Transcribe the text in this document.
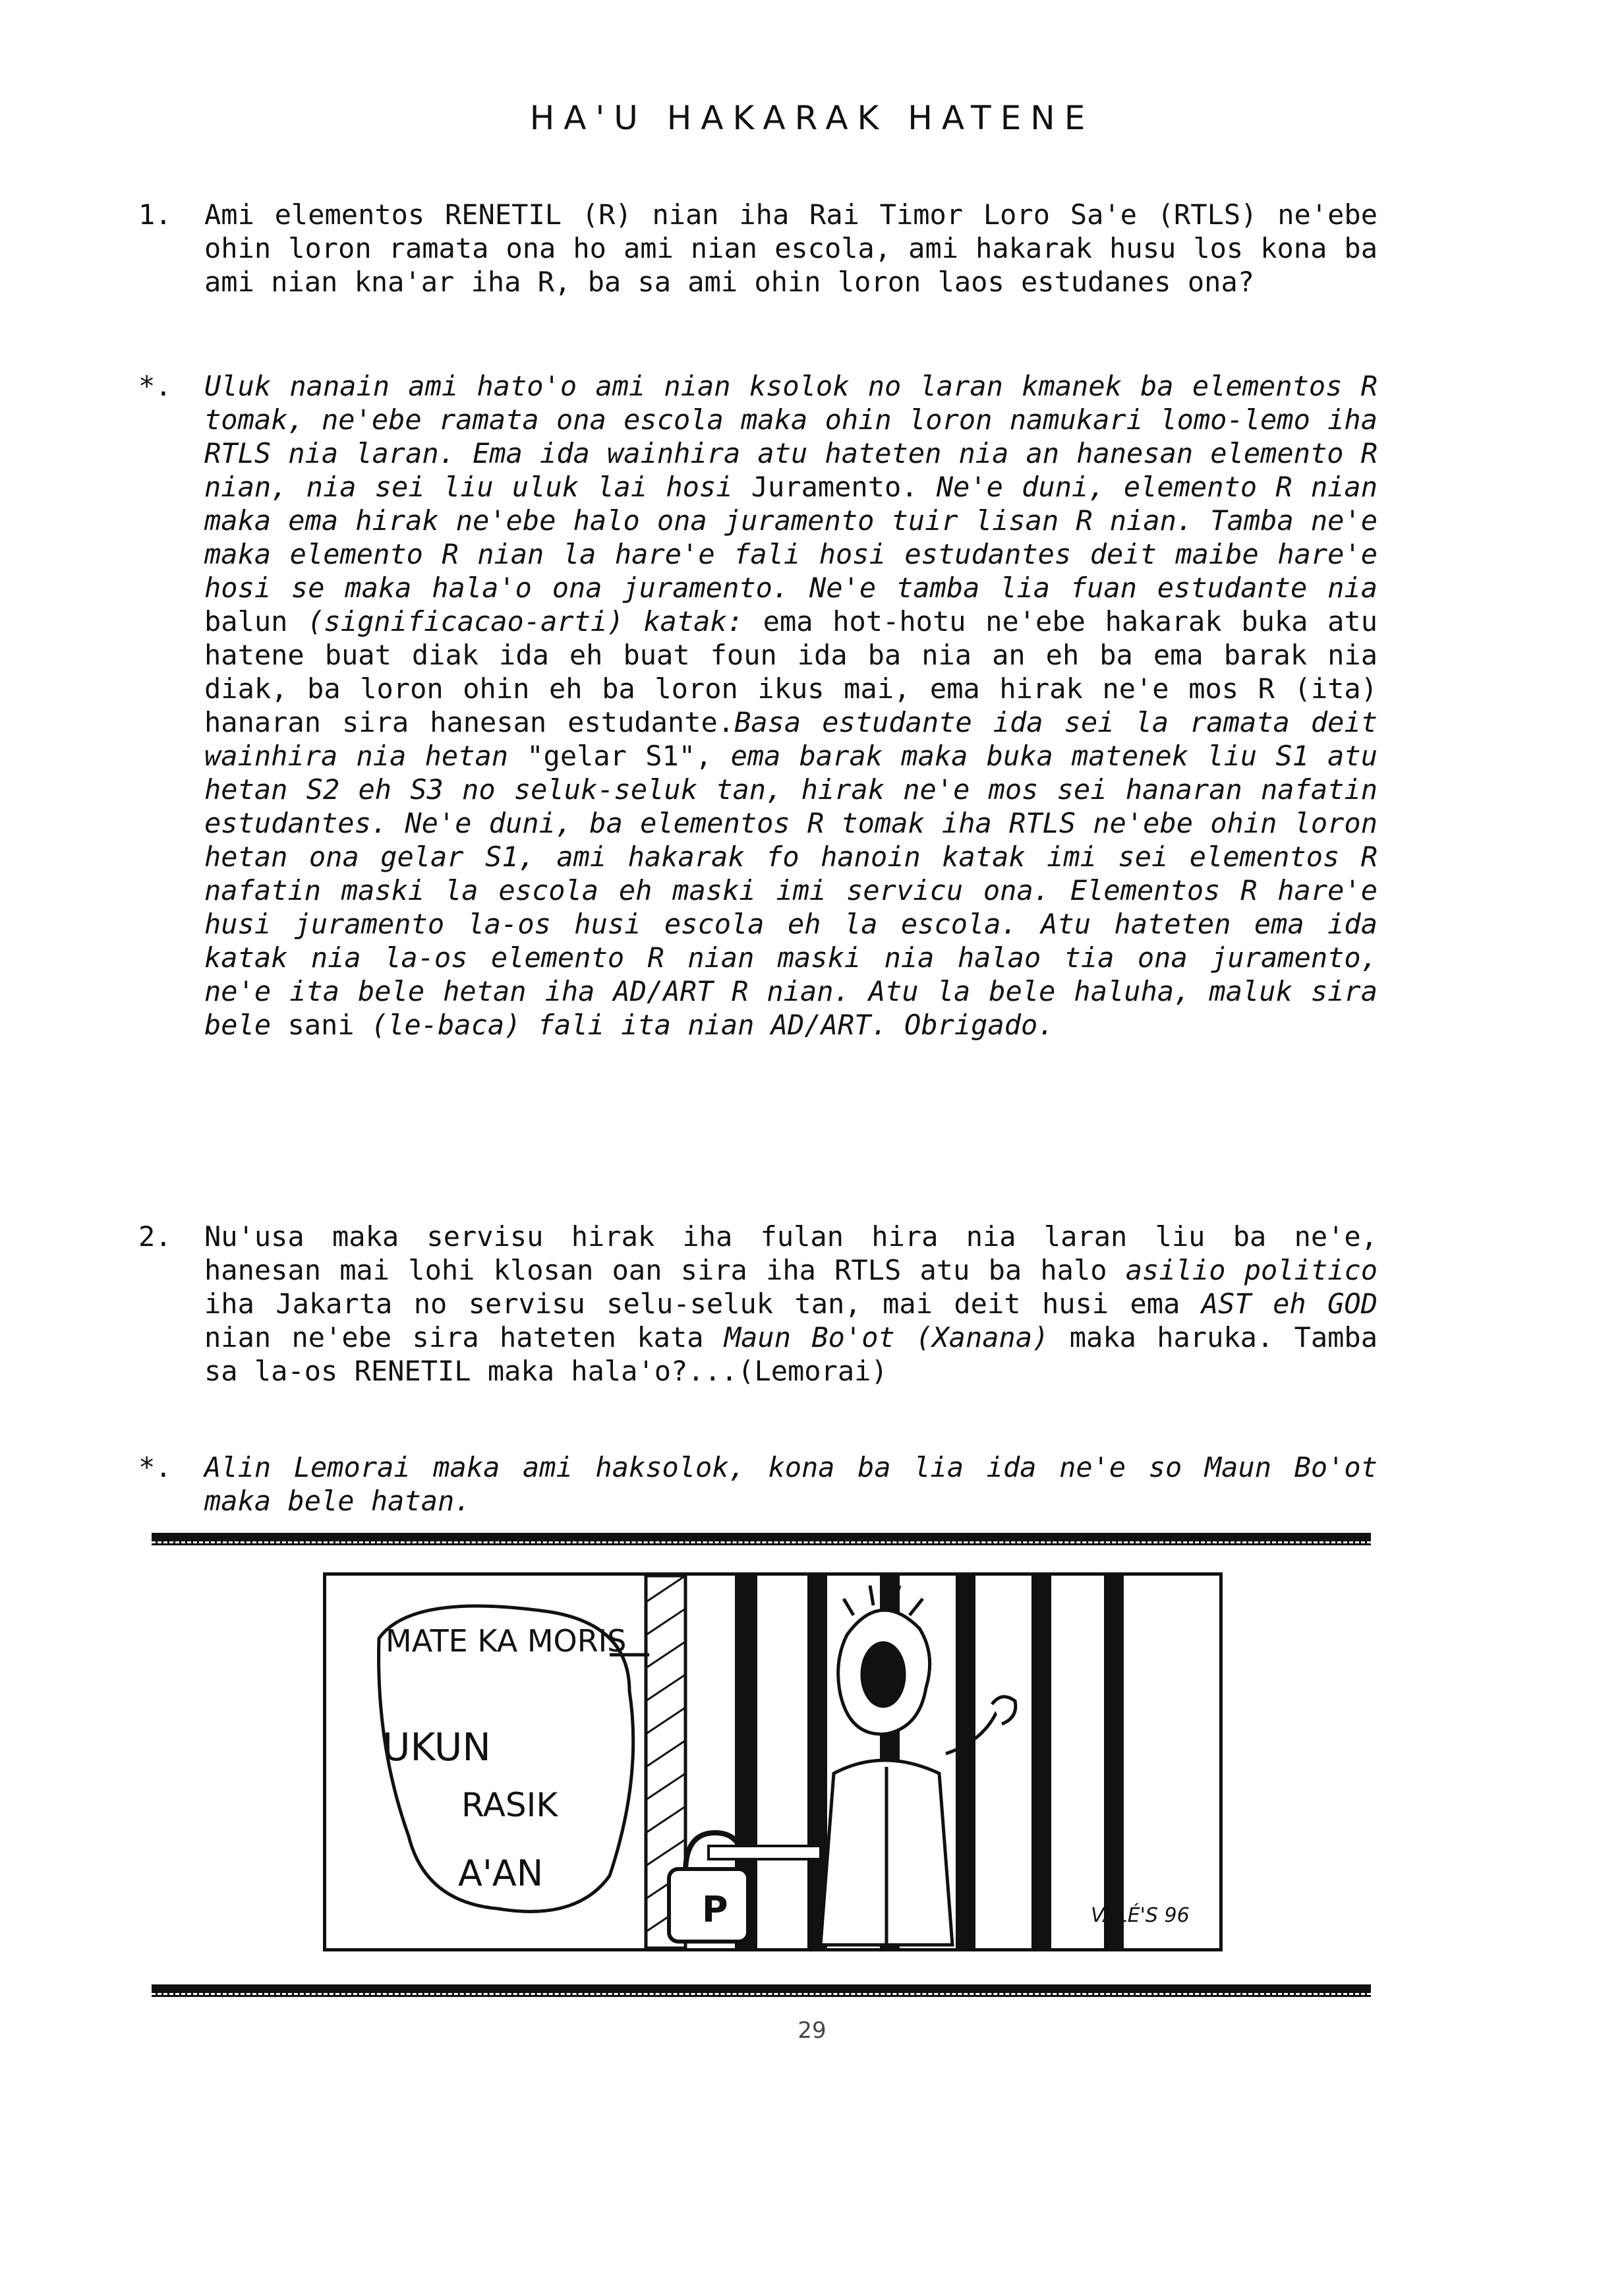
HA'U HAKARAK HATENE
1.	Ami elementos RENETIL (R) nian iha Rai Timor Loro Sa'e (RTLS) ne'ebe ohin loron ramata ona ho ami nian escola, ami hakarak husu los kona ba ami nian kna'ar iha R, ba sa ami ohin loron laos estudanes ona?
*.	Uluk nanain ami hato'o ami nian ksolok no laran kmanek ba elementos R tomak, ne'ebe ramata ona escola maka ohin loron namukari lomo-lemo iha RTLS nia laran. Ema ida wainhira atu hateten nia an hanesan elemento R nian, nia sei liu uluk lai hosi Juramento. Ne'e duni, elemento R nian maka ema hirak ne'ebe halo ona juramento tuir lisan R nian. Tamba ne'e maka elemento R nian la hare'e fali hosi estudantes deit maibe hare'e hosi se maka hala'o ona juramento. Ne'e tamba lia fuan estudante nia balun (significacao-arti) katak: ema hot-hotu ne'ebe hakarak buka atu hatene buat diak ida eh buat foun ida ba nia an eh ba ema barak nia diak, ba loron ohin eh ba loron ikus mai, ema hirak ne'e mos R (ita) hanaran sira hanesan estudante.Basa estudante ida sei la ramata deit wainhira nia hetan "gelar S1", ema barak maka buka matenek liu S1 atu hetan S2 eh S3 no seluk-seluk tan, hirak ne'e mos sei hanaran nafatin estudantes. Ne'e duni, ba elementos R tomak iha RTLS ne'ebe ohin loron hetan ona gelar S1, ami hakarak fo hanoin katak imi sei elementos R nafatin maski la escola eh maski imi servicu ona. Elementos R hare'e husi juramento la-os husi escola eh la escola. Atu hateten ema ida katak nia la-os elemento R nian maski nia halao tia ona juramento, ne'e ita bele hetan iha AD/ART R nian. Atu la bele haluha, maluk sira bele sani (le-baca) fali ita nian AD/ART. Obrigado.
2.	Nu'usa maka servisu hirak iha fulan hira nia laran liu ba ne'e, hanesan mai lohi klosan oan sira iha RTLS atu ba halo asilio politico iha Jakarta no servisu selu-seluk tan, mai deit husi ema AST eh GOD nian ne'ebe sira hateten kata Maun Bo'ot (Xanana) maka haruka. Tamba sa la-os RENETIL maka hala'o?...(Lemorai)
*.	Alin Lemorai maka ami haksolok, kona ba lia ida ne'e so Maun Bo'ot maka bele hatan.
P
MATE KA MORIS
UKUN
RASIK
A'AN
VALÉ'S 96
29
